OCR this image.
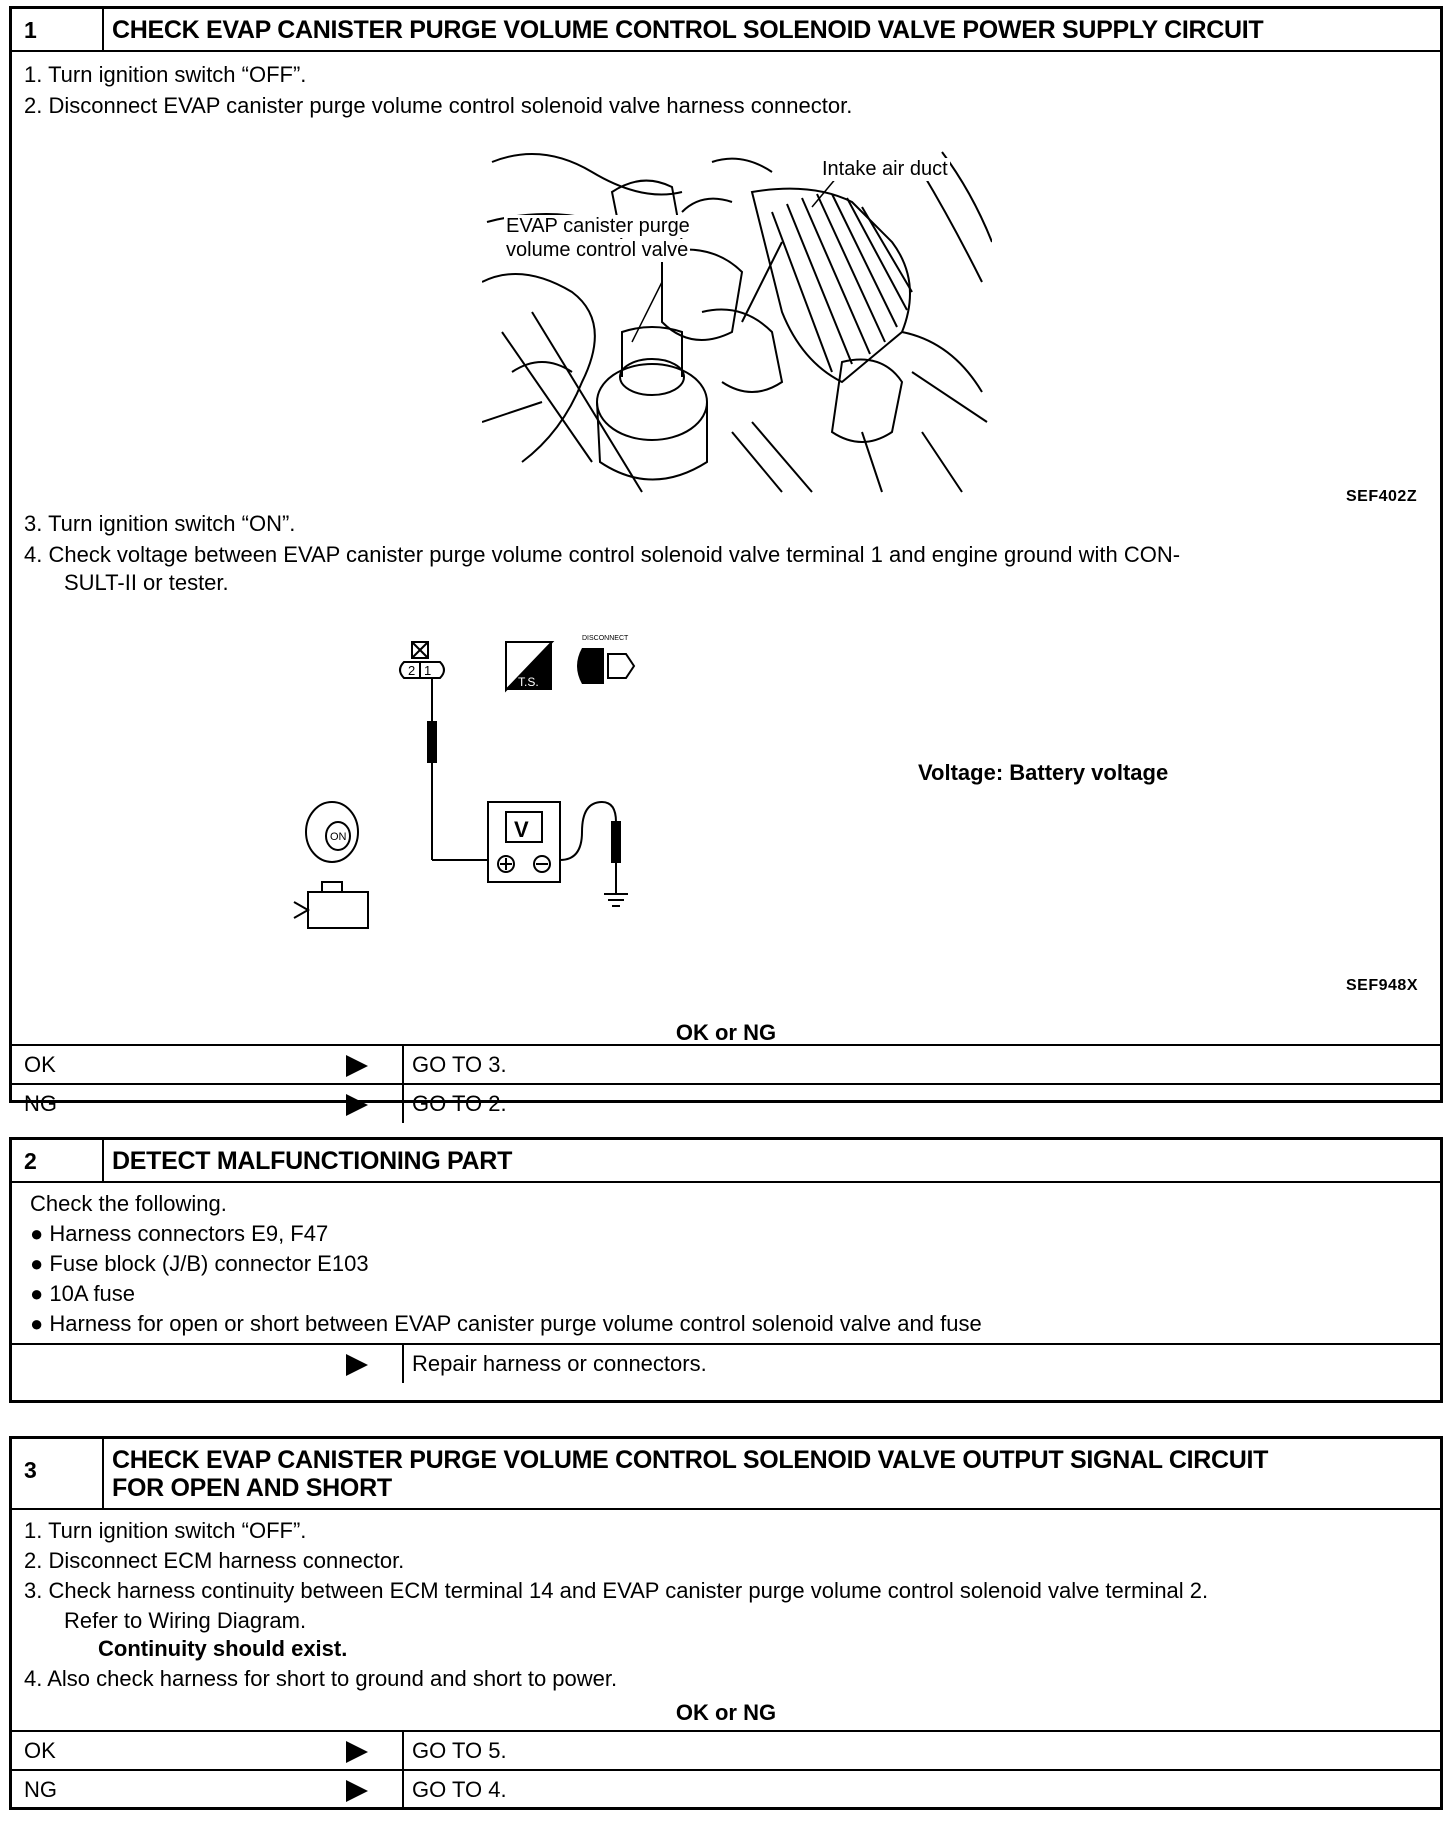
1	CHECK EVAP CANISTER PURGE VOLUME CONTROL SOLENOID VALVE POWER SUPPLY CIRCUIT
1. Turn ignition switch “OFF”.
2. Disconnect EVAP canister purge volume control solenoid valve harness connector.
Intake air duct
EVAP canister purge
volume control valve
SEF402Z
3. Turn ignition switch “ON”.
4. Check voltage between EVAP canister purge volume control solenoid valve terminal 1 and engine ground with CON-
SULT-II or tester.
2 1
V
ON
T.S.
DISCONNECT
Voltage: Battery voltage
SEF948X
OK or NG
OK	GO TO 3.
NG	GO TO 2.
2	DETECT MALFUNCTIONING PART
Check the following.
● Harness connectors E9, F47
● Fuse block (J/B) connector E103
● 10A fuse
● Harness for open or short between EVAP canister purge volume control solenoid valve and fuse
Repair harness or connectors.
3	CHECK EVAP CANISTER PURGE VOLUME CONTROL SOLENOID VALVE OUTPUT SIGNAL CIRCUIT
FOR OPEN AND SHORT
1. Turn ignition switch “OFF”.
2. Disconnect ECM harness connector.
3. Check harness continuity between ECM terminal 14 and EVAP canister purge volume control solenoid valve terminal 2.
Refer to Wiring Diagram.
Continuity should exist.
4. Also check harness for short to ground and short to power.
OK or NG
OK	GO TO 5.
NG	GO TO 4.
